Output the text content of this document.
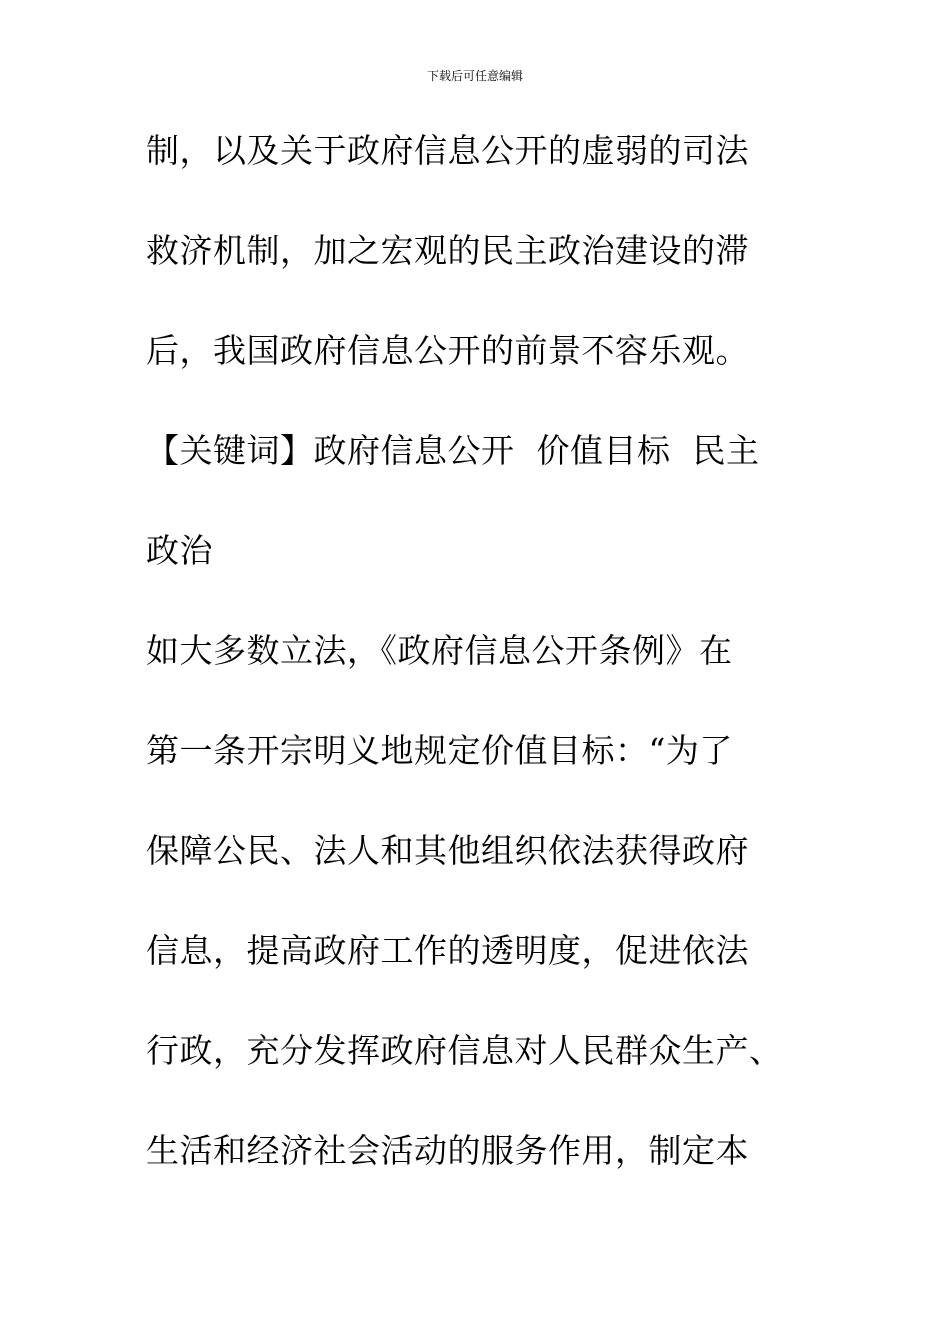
下载后可任意编辑
制，以及关于政府信息公开的虚弱的司法
救济机制，加之宏观的民主政治建设的滞
后，我国政府信息公开的前景不容乐观。
【关键词】政府信息公开  价值目标  民主
政治
如大多数立法，《政府信息公开条例》在
第一条开宗明义地规定价值目标：“为了
保障公民、法人和其他组织依法获得政府
信息，提高政府工作的透明度，促进依法
行政，充分发挥政府信息对人民群众生产、
生活和经济社会活动的服务作用，制定本
